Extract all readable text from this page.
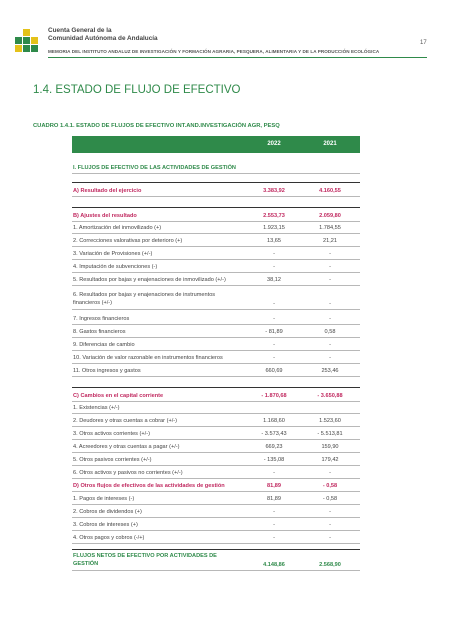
Cuenta General de la
Comunidad Autónoma de Andalucía
17
MEMORIA DEL INSTITUTO ANDALUZ DE INVESTIGACIÓN Y FORMACIÓN AGRARIA, PESQUERA, ALIMENTARIA Y DE LA PRODUCCIÓN ECOLÓGICA
1.4. ESTADO DE FLUJO DE EFECTIVO
CUADRO 1.4.1. ESTADO DE FLUJOS DE EFECTIVO INT.AND.INVESTIGACIÓN AGR, PESQ
2022	2021
I. FLUJOS DE EFECTIVO DE LAS ACTIVIDADES DE GESTIÓN
A) Resultado del ejercicio	3.383,92	4.160,55
B) Ajustes del resultado	2.553,73	2.059,80
1. Amortización del inmovilizado (+)	1.923,15	1.784,55
2. Correcciones valorativas por deterioro (+)	13,65	21,21
3. Variación de Provisiones (+/-)	-	-
4. Imputación de subvenciones (-)	-	-
5. Resultados por bajas y enajenaciones de inmovilizado (+/-)	38,12	-
6. Resultados por bajas y enajenaciones de instrumentos financieros (+/-)	-	-
7. Ingresos financieros	-	-
8. Gastos financieros	- 81,89	0,58
9. Diferencias de cambio	-	-
10. Variación de valor razonable en instrumentos financieros	-	-
11. Otros ingresos y gastos	660,69	253,46
C) Cambios en el capital corriente	- 1.870,68	- 3.650,88
1. Existencias (+/-)
2. Deudores y otras cuentas a cobrar (+/-)	1.168,60	1.523,60
3. Otros activos corrientes (+/-)	- 3.573,43	- 5.513,81
4. Acreedores y otras cuentas a pagar (+/-)	669,23	159,90
5. Otros pasivos corrientes (+/-)	- 135,08	179,42
6. Otros activos y pasivos no corrientes (+/-)	-	-
D) Otros flujos de efectivos de las actividades de gestión	81,89	- 0,58
1. Pagos de intereses (-)	81,89	- 0,58
2. Cobros de dividendos (+)	-	-
3. Cobros de intereses (+)	-	-
4. Otros pagos y cobros (-/+)	-	-
FLUJOS NETOS DE EFECTIVO POR ACTIVIDADES DE GESTIÓN	4.148,86	2.568,90
